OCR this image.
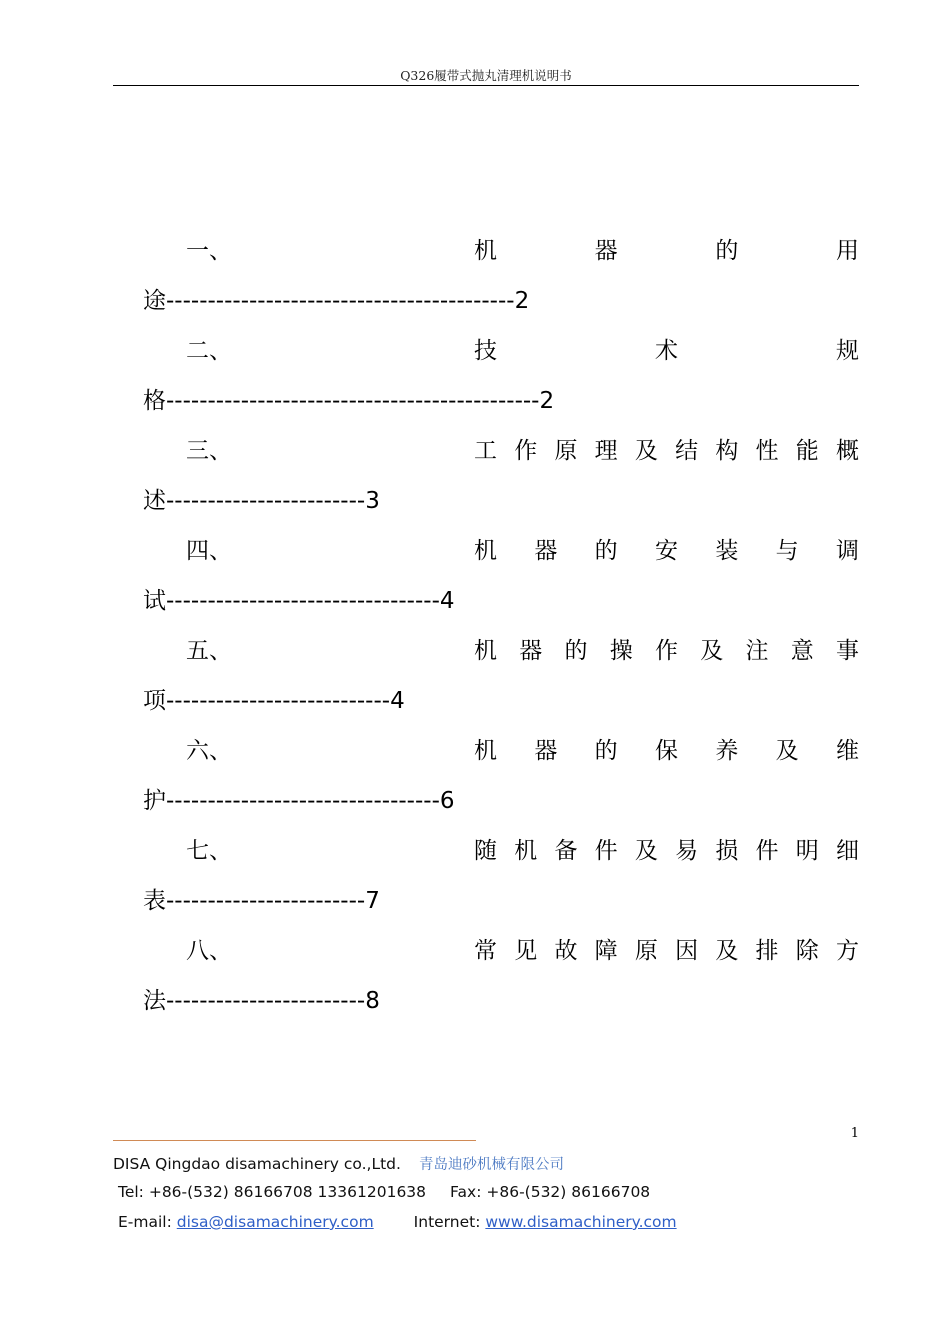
Q326履带式抛丸清理机说明书
一、	机	器	的	用
途------------------------------------------2
二、	技	术	规
格---------------------------------------------2
三、	工 作 原 理 及 结 构 性 能 概
述------------------------3
四、	机 器 的 安 装 与 调
试---------------------------------4
五、	机 器 的 操 作 及 注 意 事
项---------------------------4
六、	机 器 的 保 养 及 维
护---------------------------------6
七、	随 机 备 件 及 易 损 件 明 细
表------------------------7
八、	常 见 故 障 原 因 及 排 除 方
法------------------------8
1
DISA Qingdao disamachinery co.,Ltd. 青岛迪砂机械有限公司
Tel: +86-(532) 86166708 13361201638 Fax: +86-(532) 86166708
E-mail: disa@disamachinery.com	Internet: www.disamachinery.com
